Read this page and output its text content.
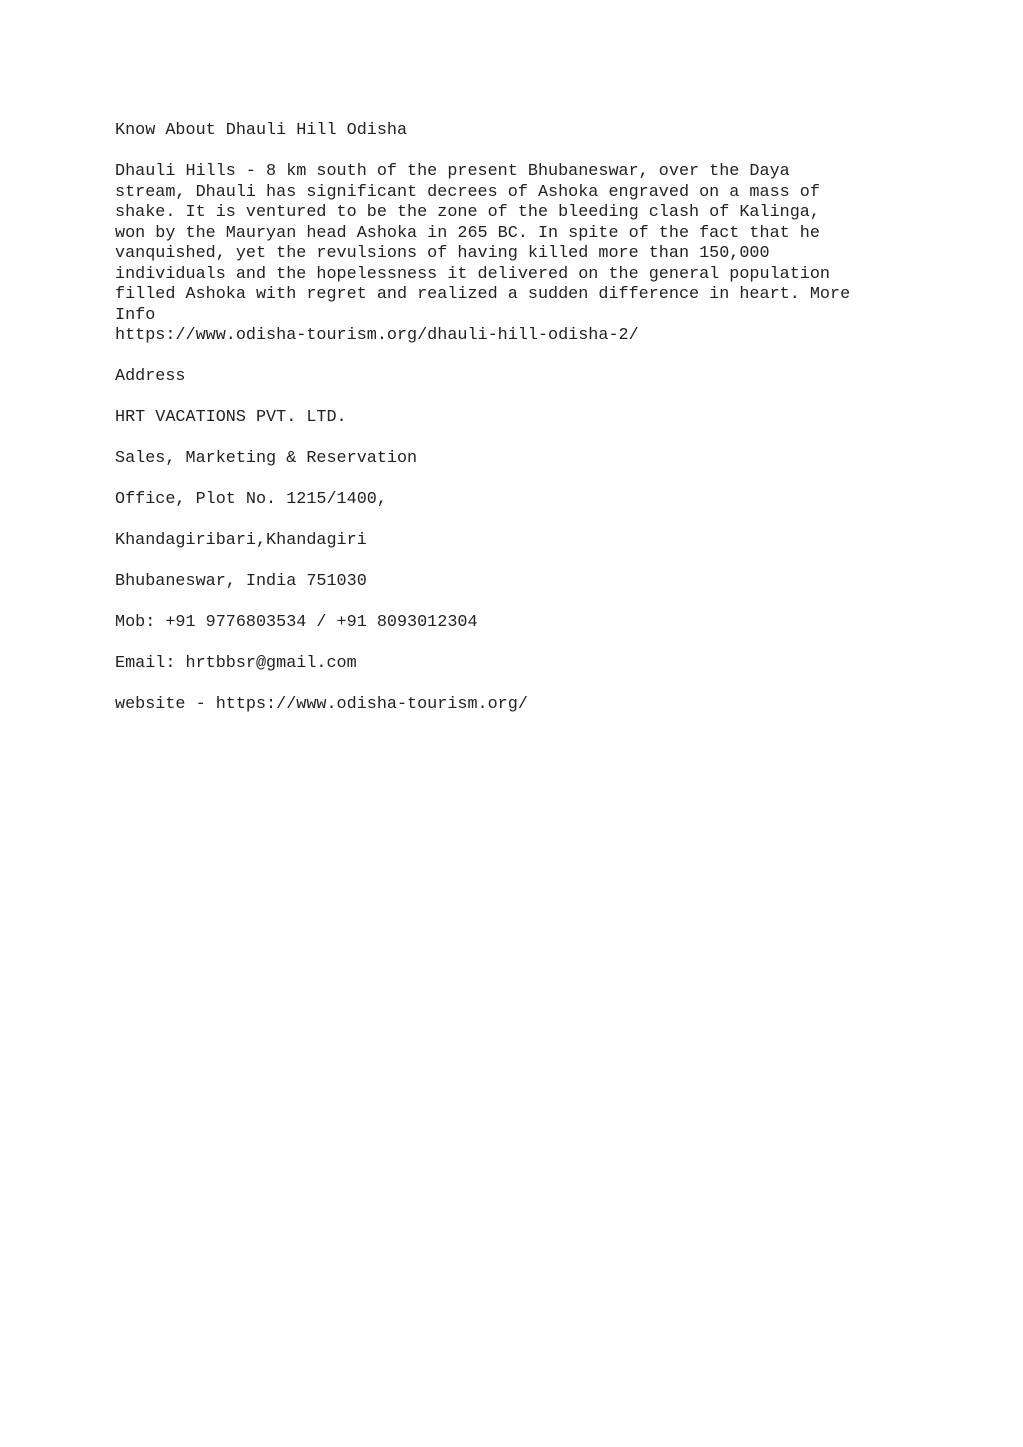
Know About Dhauli Hill Odisha
Dhauli Hills - 8 km south of the present Bhubaneswar, over the Daya
stream, Dhauli has significant decrees of Ashoka engraved on a mass of
shake. It is ventured to be the zone of the bleeding clash of Kalinga,
won by the Mauryan head Ashoka in 265 BC. In spite of the fact that he
vanquished, yet the revulsions of having killed more than 150,000
individuals and the hopelessness it delivered on the general population
filled Ashoka with regret and realized a sudden difference in heart. More
Info
https://www.odisha-tourism.org/dhauli-hill-odisha-2/
Address
HRT VACATIONS PVT. LTD.
Sales, Marketing & Reservation
Office, Plot No. 1215/1400,
Khandagiribari,Khandagiri
Bhubaneswar, India 751030
Mob: +91 9776803534 / +91 8093012304
Email: hrtbbsr@gmail.com
website - https://www.odisha-tourism.org/
